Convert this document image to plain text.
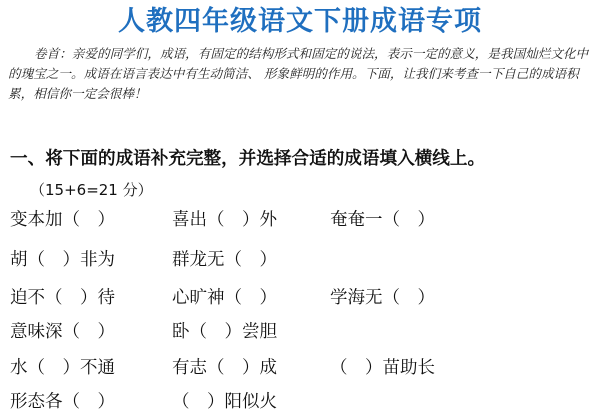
人教四年级语文下册成语专项
卷首：亲爱的同学们，成语，有固定的结构形式和固定的说法，表示一定的意义，是我国灿烂文化中的瑰宝之一。成语在语言表达中有生动简洁、 形象鲜明的作用。下面，让我们来考查一下自己的成语积累，相信你一定会很棒！
一、将下面的成语补充完整，并选择合适的成语填入横线上。
（15+6=21 分）
变本加（　）	喜出（　）外	奄奄一（　）
胡（　）非为	群龙无（　）
迫不（　）待	心旷神（　）	学海无（　）
意味深（　）	卧（　）尝胆
水（　）不通	有志（　）成	（　）苗助长
形态各（　）	（　）阳似火
